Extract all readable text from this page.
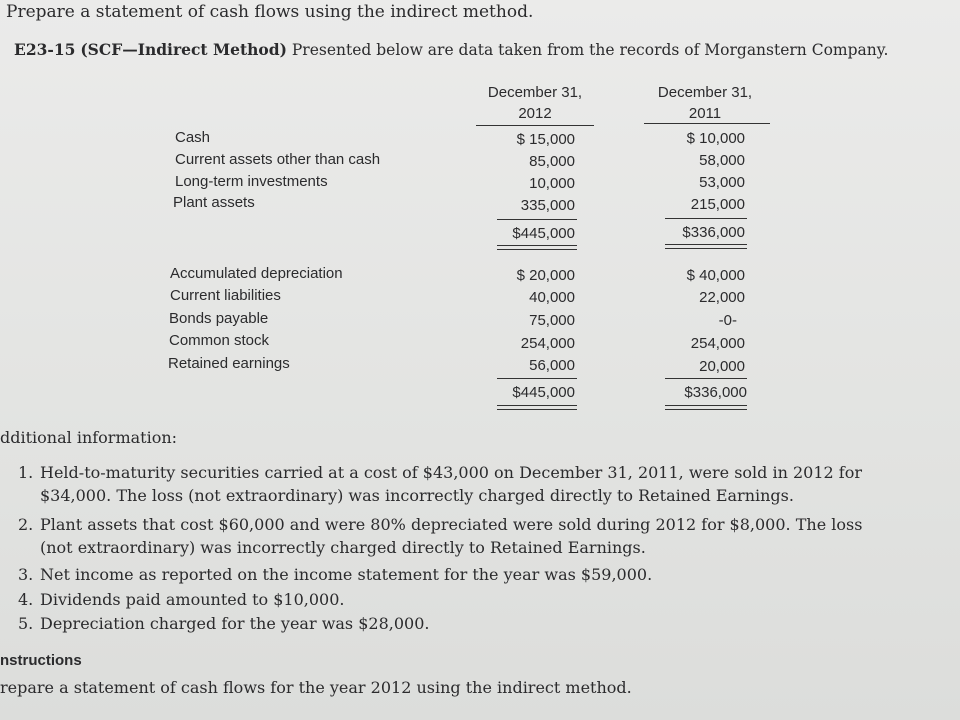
Prepare a statement of cash flows using the indirect method.
E23-15 (SCF—Indirect Method) Presented below are data taken from the records of Morganstern Company.
December 31,
2012
December 31,
2011
Cash
Current assets other than cash
Long-term investments
Plant assets
$ 15,000
85,000
10,000
335,000
$ 10,000
58,000
53,000
215,000
$445,000	$336,000
Accumulated depreciation
Current liabilities
Bonds payable
Common stock
Retained earnings
$ 20,000
40,000
75,000
254,000
56,000
$ 40,000
22,000
-0-
254,000
20,000
$445,000	$336,000
dditional information:
1. Held-to-maturity securities carried at a cost of $43,000 on December 31, 2011, were sold in 2012 for
$34,000. The loss (not extraordinary) was incorrectly charged directly to Retained Earnings.
2. Plant assets that cost $60,000 and were 80% depreciated were sold during 2012 for $8,000. The loss
(not extraordinary) was incorrectly charged directly to Retained Earnings.
3. Net income as reported on the income statement for the year was $59,000.
4. Dividends paid amounted to $10,000.
5. Depreciation charged for the year was $28,000.
nstructions
repare a statement of cash flows for the year 2012 using the indirect method.
